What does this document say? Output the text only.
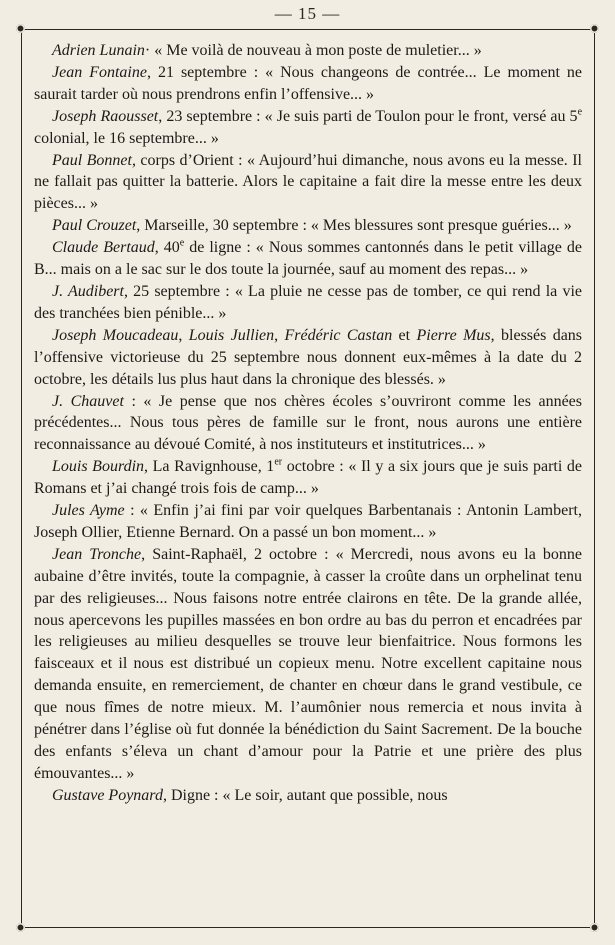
— 15 —

Adrien Lunain· « Me voilà de nouveau à mon poste de muletier... »

Jean Fontaine, 21 septembre : « Nous changeons de contrée... Le moment ne saurait tarder où nous prendrons enfin l’offensive... »

Joseph Raousset, 23 septembre : « Je suis parti de Toulon pour le front, versé au 5e colonial, le 16 septembre... »

Paul Bonnet, corps d’Orient : « Aujourd’hui dimanche, nous avons eu la messe. Il ne fallait pas quitter la batterie. Alors le capitaine a fait dire la messe entre les deux pièces... »

Paul Crouzet, Marseille, 30 septembre : « Mes blessures sont presque guéries... »

Claude Bertaud, 40e de ligne : « Nous sommes cantonnés dans le petit village de B... mais on a le sac sur le dos toute la journée, sauf au moment des repas... »

J. Audibert, 25 septembre : « La pluie ne cesse pas de tomber, ce qui rend la vie des tranchées bien pénible... »

Joseph Moucadeau, Louis Jullien, Frédéric Castan et Pierre Mus, blessés dans l’offensive victorieuse du 25 septembre nous donnent eux-mêmes à la date du 2 octobre, les détails lus plus haut dans la chronique des blessés. »

J. Chauvet : « Je pense que nos chères écoles s’ouvriront comme les années précédentes... Nous tous pères de famille sur le front, nous aurons une entière reconnaissance au dévoué Comité, à nos instituteurs et institutrices... »

Louis Bourdin, La Ravignhouse, 1er octobre : « Il y a six jours que je suis parti de Romans et j’ai changé trois fois de camp... »

Jules Ayme : « Enfin j’ai fini par voir quelques Barbentanais : Antonin Lambert, Joseph Ollier, Etienne Bernard. On a passé un bon moment... »

Jean Tronche, Saint-Raphaël, 2 octobre : « Mercredi, nous avons eu la bonne aubaine d’être invités, toute la compagnie, à casser la croûte dans un orphelinat tenu par des religieuses... Nous faisons notre entrée clairons en tête. De la grande allée, nous apercevons les pupilles massées en bon ordre au bas du perron et encadrées par les religieuses au milieu desquelles se trouve leur bienfaitrice. Nous formons les faisceaux et il nous est distribué un copieux menu. Notre excellent capitaine nous demanda ensuite, en remerciement, de chanter en chœur dans le grand vestibule, ce que nous fîmes de notre mieux. M. l’aumônier nous remercia et nous invita à pénétrer dans l’église où fut donnée la bénédiction du Saint Sacrement. De la bouche des enfants s’éleva un chant d’amour pour la Patrie et une prière des plus émouvantes... »

Gustave Poynard, Digne : « Le soir, autant que possible, nous
